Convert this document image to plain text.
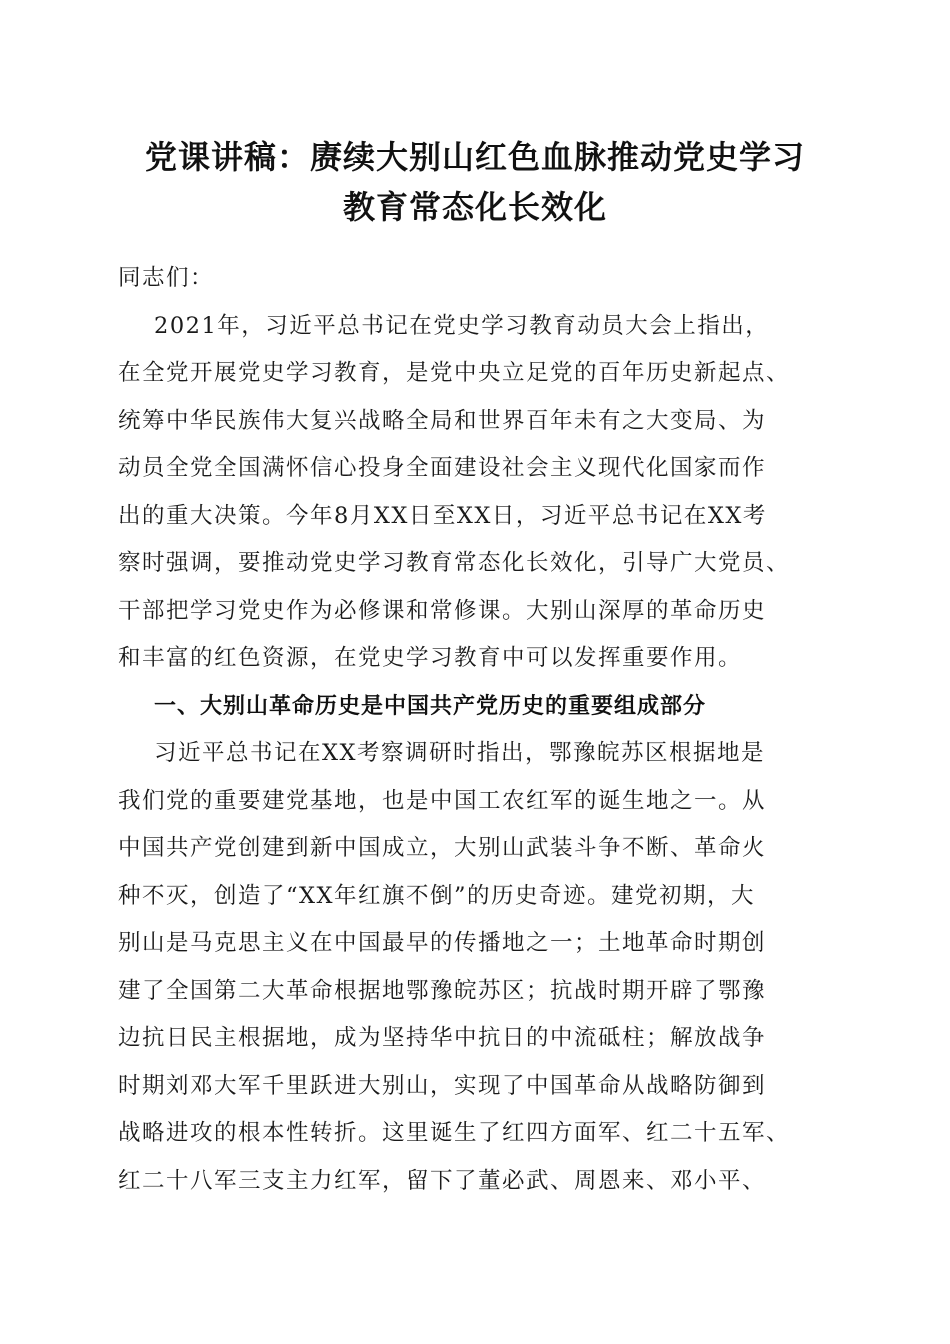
党课讲稿：赓续大别山红色血脉推动党史学习
教育常态化长效化
同志们：
2021年，习近平总书记在党史学习教育动员大会上指出，
在全党开展党史学习教育，是党中央立足党的百年历史新起点、
统筹中华民族伟大复兴战略全局和世界百年未有之大变局、为
动员全党全国满怀信心投身全面建设社会主义现代化国家而作
出的重大决策。今年8月XX日至XX日，习近平总书记在XX考
察时强调，要推动党史学习教育常态化长效化，引导广大党员、
干部把学习党史作为必修课和常修课。大别山深厚的革命历史
和丰富的红色资源，在党史学习教育中可以发挥重要作用。
一、大别山革命历史是中国共产党历史的重要组成部分
习近平总书记在XX考察调研时指出，鄂豫皖苏区根据地是
我们党的重要建党基地，也是中国工农红军的诞生地之一。从
中国共产党创建到新中国成立，大别山武装斗争不断、革命火
种不灭，创造了“XX年红旗不倒”的历史奇迹。建党初期，大
别山是马克思主义在中国最早的传播地之一；土地革命时期创
建了全国第二大革命根据地鄂豫皖苏区；抗战时期开辟了鄂豫
边抗日民主根据地，成为坚持华中抗日的中流砥柱；解放战争
时期刘邓大军千里跃进大别山，实现了中国革命从战略防御到
战略进攻的根本性转折。这里诞生了红四方面军、红二十五军、
红二十八军三支主力红军，留下了董必武、周恩来、邓小平、
